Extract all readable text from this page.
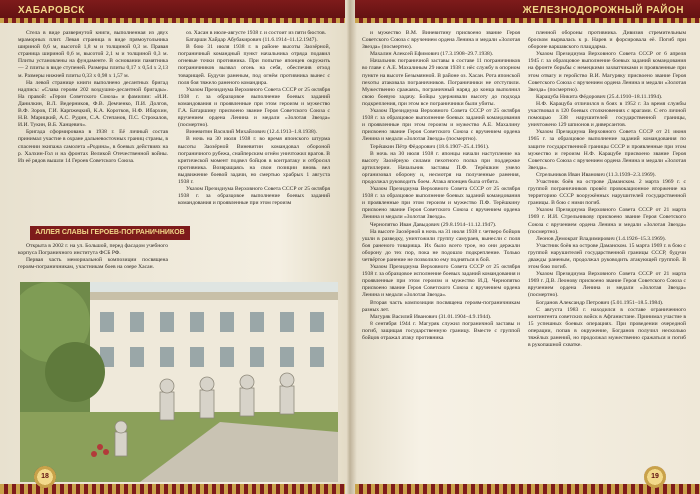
ХАБАРОВСК	ЖЕЛЕЗНОДОРОЖНЫЙ РАЙОН

Стела в виде развернутой книги, выполненная из двух мраморных плит. Левая страница в виде прямоугольника шириной 0,6 м, высотой 1,8 м и толщиной 0,3 м. Правая страница шириной 0,6 м, высотой 2,1 м и толщиной 0,3 м. Плиты установлены на фундаменте. В основании памятника — 2 плиты в виде ступеней. Размеры плиты 0,17 х 0,54 х 2,13 м. Размеры нижней плиты 0,33 х 0,98 х 1,57 м.

На левой странице книги выполнено десантных бригад надпись: «Слава героям 202 воздушно-десантной бригады». На правой: «Герои Советского Союза» и фамилии: «И.И. Данилкин, В.Л. Ведерников, Ф.В. Демченко, П.И. Долгов, В.Ф. Зоров, Г.И. Карпжецкий, К.А. Коротков, Н.Ф. Ибархин, Н.В. Марицкий, А.С. Рудин, С.А. Степанов, П.С. Строкалов, И.И. Тукин, В.Б. Ханцевич».

Бригада сформирована в 1938 г. Её личный состав принимал участие в охране дальневосточных границ страны, в спасении экипажа самолета «Родина», в боевых действиях на р. Халхин-Гол и на фронтах Великой Отечественной войны. Из её рядов вышли 14 Героев Советского Союза.

АЛЛЕЯ СЛАВЫ ГЕРОЕВ-ПОГРАНИЧНИКОВ

Открыта в 2002 г. на ул. Большой, перед фасадом учебного корпуса Пограничного института ФСБ РФ.

Первая часть мемориальной композиции посвящена героям-пограничникам, участникам боев на озере Хасан.

оз. Хасан в июле-августе 1938 г. и состоит из пяти бюстов.

Батарши Хайдар Абубакирович (11.6.1914–11.12.1947).

В бою 31 июля 1938 г. в районе высоты Заозёрной, пограничный командный пункт начальника отряда подавил огневые точки противника. При попытке японцев окружить пограничников вызвал огонь на себя, обеспечив отход товарищей. Будучи раненым, под огнём противника вынес с поля боя тяжело раненого командира.

Указом Президиума Верховного Совета СССР от 25 октября 1938 г. за образцовое выполнение боевых заданий командования и проявленные при этом героизм и мужество Г.А. Батаршину присвоено звание Героя Советского Союза с вручением ордена Ленина и медали «Золотая Звезда» (посмертно).

Виневитин Василий Михайлович (12.4.1913–1.8.1938).

В ночь на 30 июля 1938 г. во время японского штурма высоты Заозёрной Виневитин командовал обороной пограничного рубежа, снайперским огнём уничтожил врагов. В критической момент подвел бойцов в контратаку и отбросил противника. Возвращаясь на свои позиции вновь вел выдвижение боевой задачи, но смертью храбрых 1 августа 1938 г.

Указом Президиума Верховного Совета СССР от 25 октября 1938 г. за образцовое выполнение боевых заданий командования и проявленные при этом героизм

и мужество В.М. Виневитину присвоено звание Героя Советского Союза с вручением ордена Ленина и медали «Золотая Звезда» (посмертно).

Махалин Алексей Ефимович (17.3.1908–29.7.1938).

Начальник пограничной заставы в составе 11 пограничников во главе с А.Е. Махалиным 29 июля 1938 г. нёс службу в опорном пункте на высоте Безымянной. В районе оз. Хасан. Рота японской пехоты атаковала пограничников. Пограничники не отступили. Мужественно сражаясь, пограничный наряд до конца выполнил свою боевую задачу. Бойцы удерживали высоту до подхода подкрепления, при этом все пограничники были убиты.

Указом Президиума Верховного Совета СССР от 25 октября 1938 г. за образцовое выполнение боевых заданий командования и проявленные при этом героизм и мужество А.Е. Махалину присвоено звание Героя Советского Союза с вручением ордена Ленина и медали «Золотая Звезда» (посмертно).

Терёшкин Пётр Фёдорович (18.6.1907–25.4.1961).

В ночь на 30 июля 1938 г. японцы начали наступление на высоту Заозёрную силами пехотного полка при поддержке артиллерии. Начальник заставы П.Ф. Терёшкин умело организовал оборону и, несмотря на полученные ранения, продолжал руководить боем. Атака японцев была отбита.

Указом Президиума Верховного Совета СССР от 25 октября 1938 г. за образцовое выполнение боевых заданий командования и проявленные при этом героизм и мужество П.Ф. Терёшкину присвоено звание Героя Советского Союза с вручением ордена Ленина и медали «Золотая Звезда».

Чернопятко Иван Давыдович (29.8.1914–11.12.1947).

На высоте Заозёрной в ночь на 31 июля 1938 г. четверо бойцов ушли в разведку, уничтожили группу самураев, вынесли с поля боя раненого товарища. Их было всего трое, но они держали оборону до тех пор, пока не подошло подкрепление. Только четвёртое ранение не позволило ему подняться в бой.

Указом Президиума Верховного Совета СССР от 25 октября 1938 г. за образцовое исполнение боевых заданий командования и проявленные при этом героизм и мужество И.Д. Чернопятко присвоено звание Героя Советского Союза с вручением ордена Ленина и медали «Золотая Звезда».

Вторая часть композиции посвящена героям-пограничникам разных лет.

Магуряк Василий Иванович (31.01.1904–4.9.1944).

8 сентября 1944 г. Магуряк служил пограничной заставы и погиб, защищая государственную границу. Вместе с группой бойцов отражал атаку противника

пленной обороны противника. Дивизия стремительным броском вырвалась к р. Нарев и форсировала её. Погиб при обороне варшавского плацдарма.

Указом Президиума Верховного Совета СССР от 6 апреля 1945 г. за образцовое выполнение боевых заданий командования на фронте борьбы с немецкими захватчиками и проявленные при этом отвагу и геройство В.И. Магуряку присвоено звание Героя Советского Союза с вручением ордена Ленина и медали «Золотая Звезда» (посмертно).

Карацуба Никита Фёдорович (25.4.1910–18.11.1994).

Н.Ф. Карацуба отличился в боях в 1952 г. За время службы участвовал в 120 боевых столкновениях с врагами. С его личной помощью 338 нарушителей государственной границы, уничтожено 129 шпионов и диверсантов.

Указом Президиума Верховного Совета СССР от 21 июня 1965 г. за образцовое выполнение заданий командования по защите государственной границы СССР и проявленные при этом мужество и героизм Н.Ф. Карацубе присвоено звание Героя Советского Союза с вручением ордена Ленина и медали «Золотая Звезда».

Стрельников Иван Иванович (11.3.1939–2.3.1969).

Участник боёв на острове Даманском. 2 марта 1969 г. с группой пограничников провёл провокационное вторжение на территорию СССР вооружённых нарушителей государственной границы. В бою с ними погиб.

Указом Президиума Верховного Совета СССР от 21 марта 1969 г. И.И. Стрельникову присвоено звание Героя Советского Союза с вручением ордена Ленина и медали «Золотая Звезда» (посмертно).

Леонов Демократ Владимирович (1.4.1926–15.3.1969).

Участник боёв на острове Даманском. 15 марта 1969 г. в бою с группой нарушителей государственной границы СССР, будучи дважды раненым, продолжал руководить атакующей группой. В этом бою погиб.

Указом Президиума Верховного Совета СССР от 21 марта 1969 г. Д.В. Леонову присвоено звание Героя Советского Союза с вручением ордена Ленина и медали «Золотая Звезда» (посмертно).

Богданов Александр Петрович (5.01.1951–18.5.1984).

С августа 1983 г. находился в составе ограниченного контингента советских войск в Афганистане. Принимал участие в 15 успешных боевых операциях. При проведении очередной операции, попав в окружение, Богданов получил несколько тяжёлых ранений, но продолжал мужественно сражаться и погиб в рукопашной схватке.

18	19
